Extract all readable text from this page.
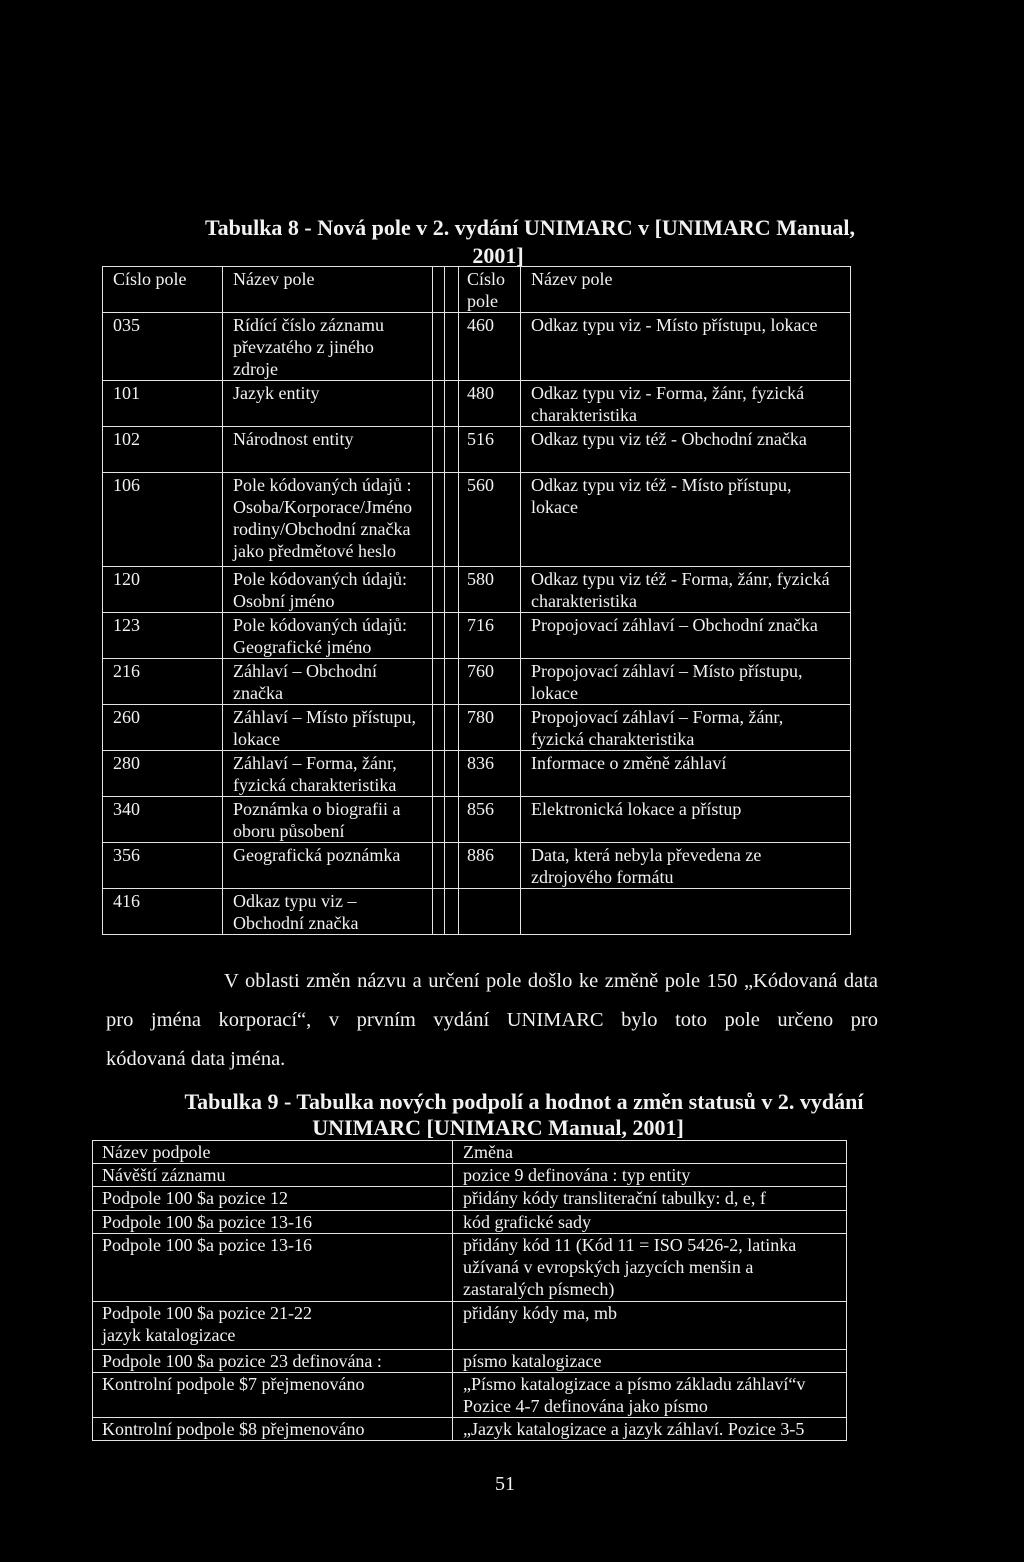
Tabulka 8 - Nová pole v 2. vydání UNIMARC v [UNIMARC Manual,
2001]
Císlo pole	Název pole			Císlo pole	Název pole
035	Rídící číslo záznamu
převzatého z jiného
zdroje			460	Odkaz typu viz - Místo přístupu, lokace
101	Jazyk entity			480	Odkaz typu viz - Forma, žánr, fyzická
charakteristika
102	Národnost entity			516	Odkaz typu viz též - Obchodní značka
106	Pole kódovaných údajů :
Osoba/Korporace/Jméno
rodiny/Obchodní značka
jako předmětové heslo			560	Odkaz typu viz též - Místo přístupu,
lokace
120	Pole kódovaných údajů:
Osobní jméno			580	Odkaz typu viz též - Forma, žánr, fyzická
charakteristika
123	Pole kódovaných údajů:
Geografické jméno			716	Propojovací záhlaví – Obchodní značka
216	Záhlaví – Obchodní
značka			760	Propojovací záhlaví – Místo přístupu,
lokace
260	Záhlaví – Místo přístupu,
lokace			780	Propojovací záhlaví – Forma, žánr,
fyzická charakteristika
280	Záhlaví – Forma, žánr,
fyzická charakteristika			836	Informace o změně záhlaví
340	Poznámka o biografii a
oboru působení			856	Elektronická lokace a přístup
356	Geografická poznámka			886	Data, která nebyla převedena ze
zdrojového formátu
416	Odkaz typu viz –
Obchodní značka				
V oblasti změn názvu a určení pole došlo ke změně pole 150 „Kódovaná data
pro jména korporací“, v prvním vydání UNIMARC bylo toto pole určeno pro
kódovaná data jména.
Tabulka 9 - Tabulka nových podpolí a hodnot a změn statusů v 2. vydání
UNIMARC [UNIMARC Manual, 2001]
Název podpole	Změna
Návěští záznamu	pozice 9 definována : typ entity
Podpole 100 $a pozice 12	přidány kódy transliterační tabulky: d, e, f
Podpole 100 $a pozice 13-16	kód grafické sady
Podpole 100 $a pozice 13-16	přidány kód 11 (Kód 11 = ISO 5426-2, latinka
užívaná v evropských jazycích menšin a
zastaralých písmech)
Podpole 100 $a pozice 21-22
jazyk katalogizace	přidány kódy ma, mb
Podpole 100 $a pozice 23 definována :	písmo katalogizace
Kontrolní podpole $7 přejmenováno	„Písmo katalogizace a písmo základu záhlaví“v
Pozice 4-7 definována jako písmo
Kontrolní podpole $8 přejmenováno	„Jazyk katalogizace a jazyk záhlaví. Pozice 3-5
51
